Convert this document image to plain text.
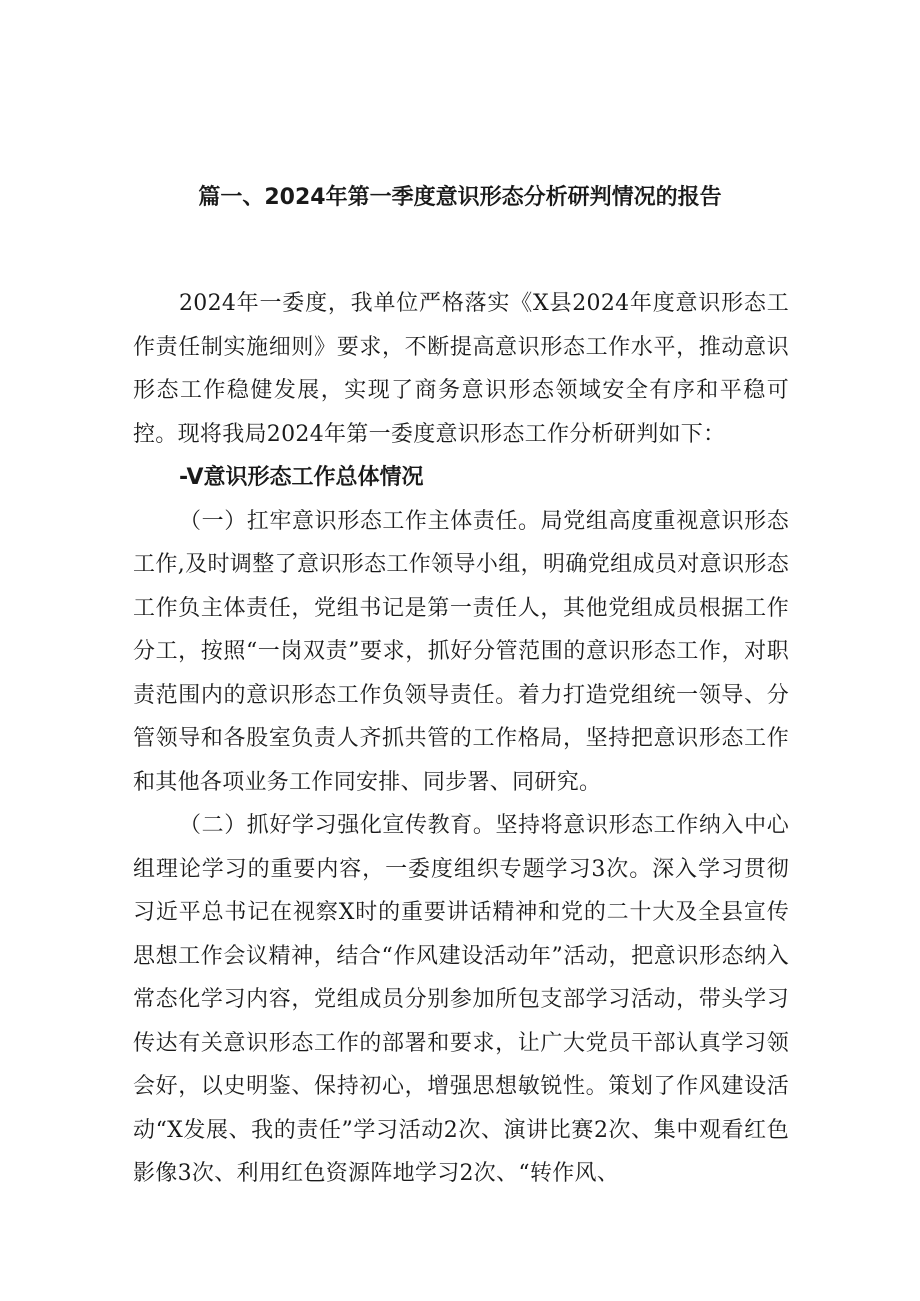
篇一、2024年第一季度意识形态分析研判情况的报告

2024年一委度，我单位严格落实《X县2024年度意识形态工作责任制实施细则》要求，不断提高意识形态工作水平，推动意识形态工作稳健发展，实现了商务意识形态领域安全有序和平稳可控。现将我局2024年第一委度意识形态工作分析研判如下：

-V意识形态工作总体情况

（一）扛牢意识形态工作主体责任。局党组高度重视意识形态工作,及时调整了意识形态工作领导小组，明确党组成员对意识形态工作负主体责任，党组书记是第一责任人，其他党组成员根据工作分工，按照“一岗双责”要求，抓好分管范围的意识形态工作，对职责范围内的意识形态工作负领导责任。着力打造党组统一领导、分管领导和各股室负责人齐抓共管的工作格局，坚持把意识形态工作和其他各项业务工作同安排、同步署、同研究。

（二）抓好学习强化宣传教育。坚持将意识形态工作纳入中心组理论学习的重要内容，一委度组织专题学习3次。深入学习贯彻习近平总书记在视察X时的重要讲话精神和党的二十大及全县宣传思想工作会议精神，结合“作风建设活动年”活动，把意识形态纳入常态化学习内容，党组成员分别参加所包支部学习活动，带头学习传达有关意识形态工作的部署和要求，让广大党员干部认真学习领会好，以史明鉴、保持初心，增强思想敏锐性。策划了作风建设活动“X发展、我的责任”学习活动2次、演讲比赛2次、集中观看红色影像3次、利用红色资源阵地学习2次、“转作风、
